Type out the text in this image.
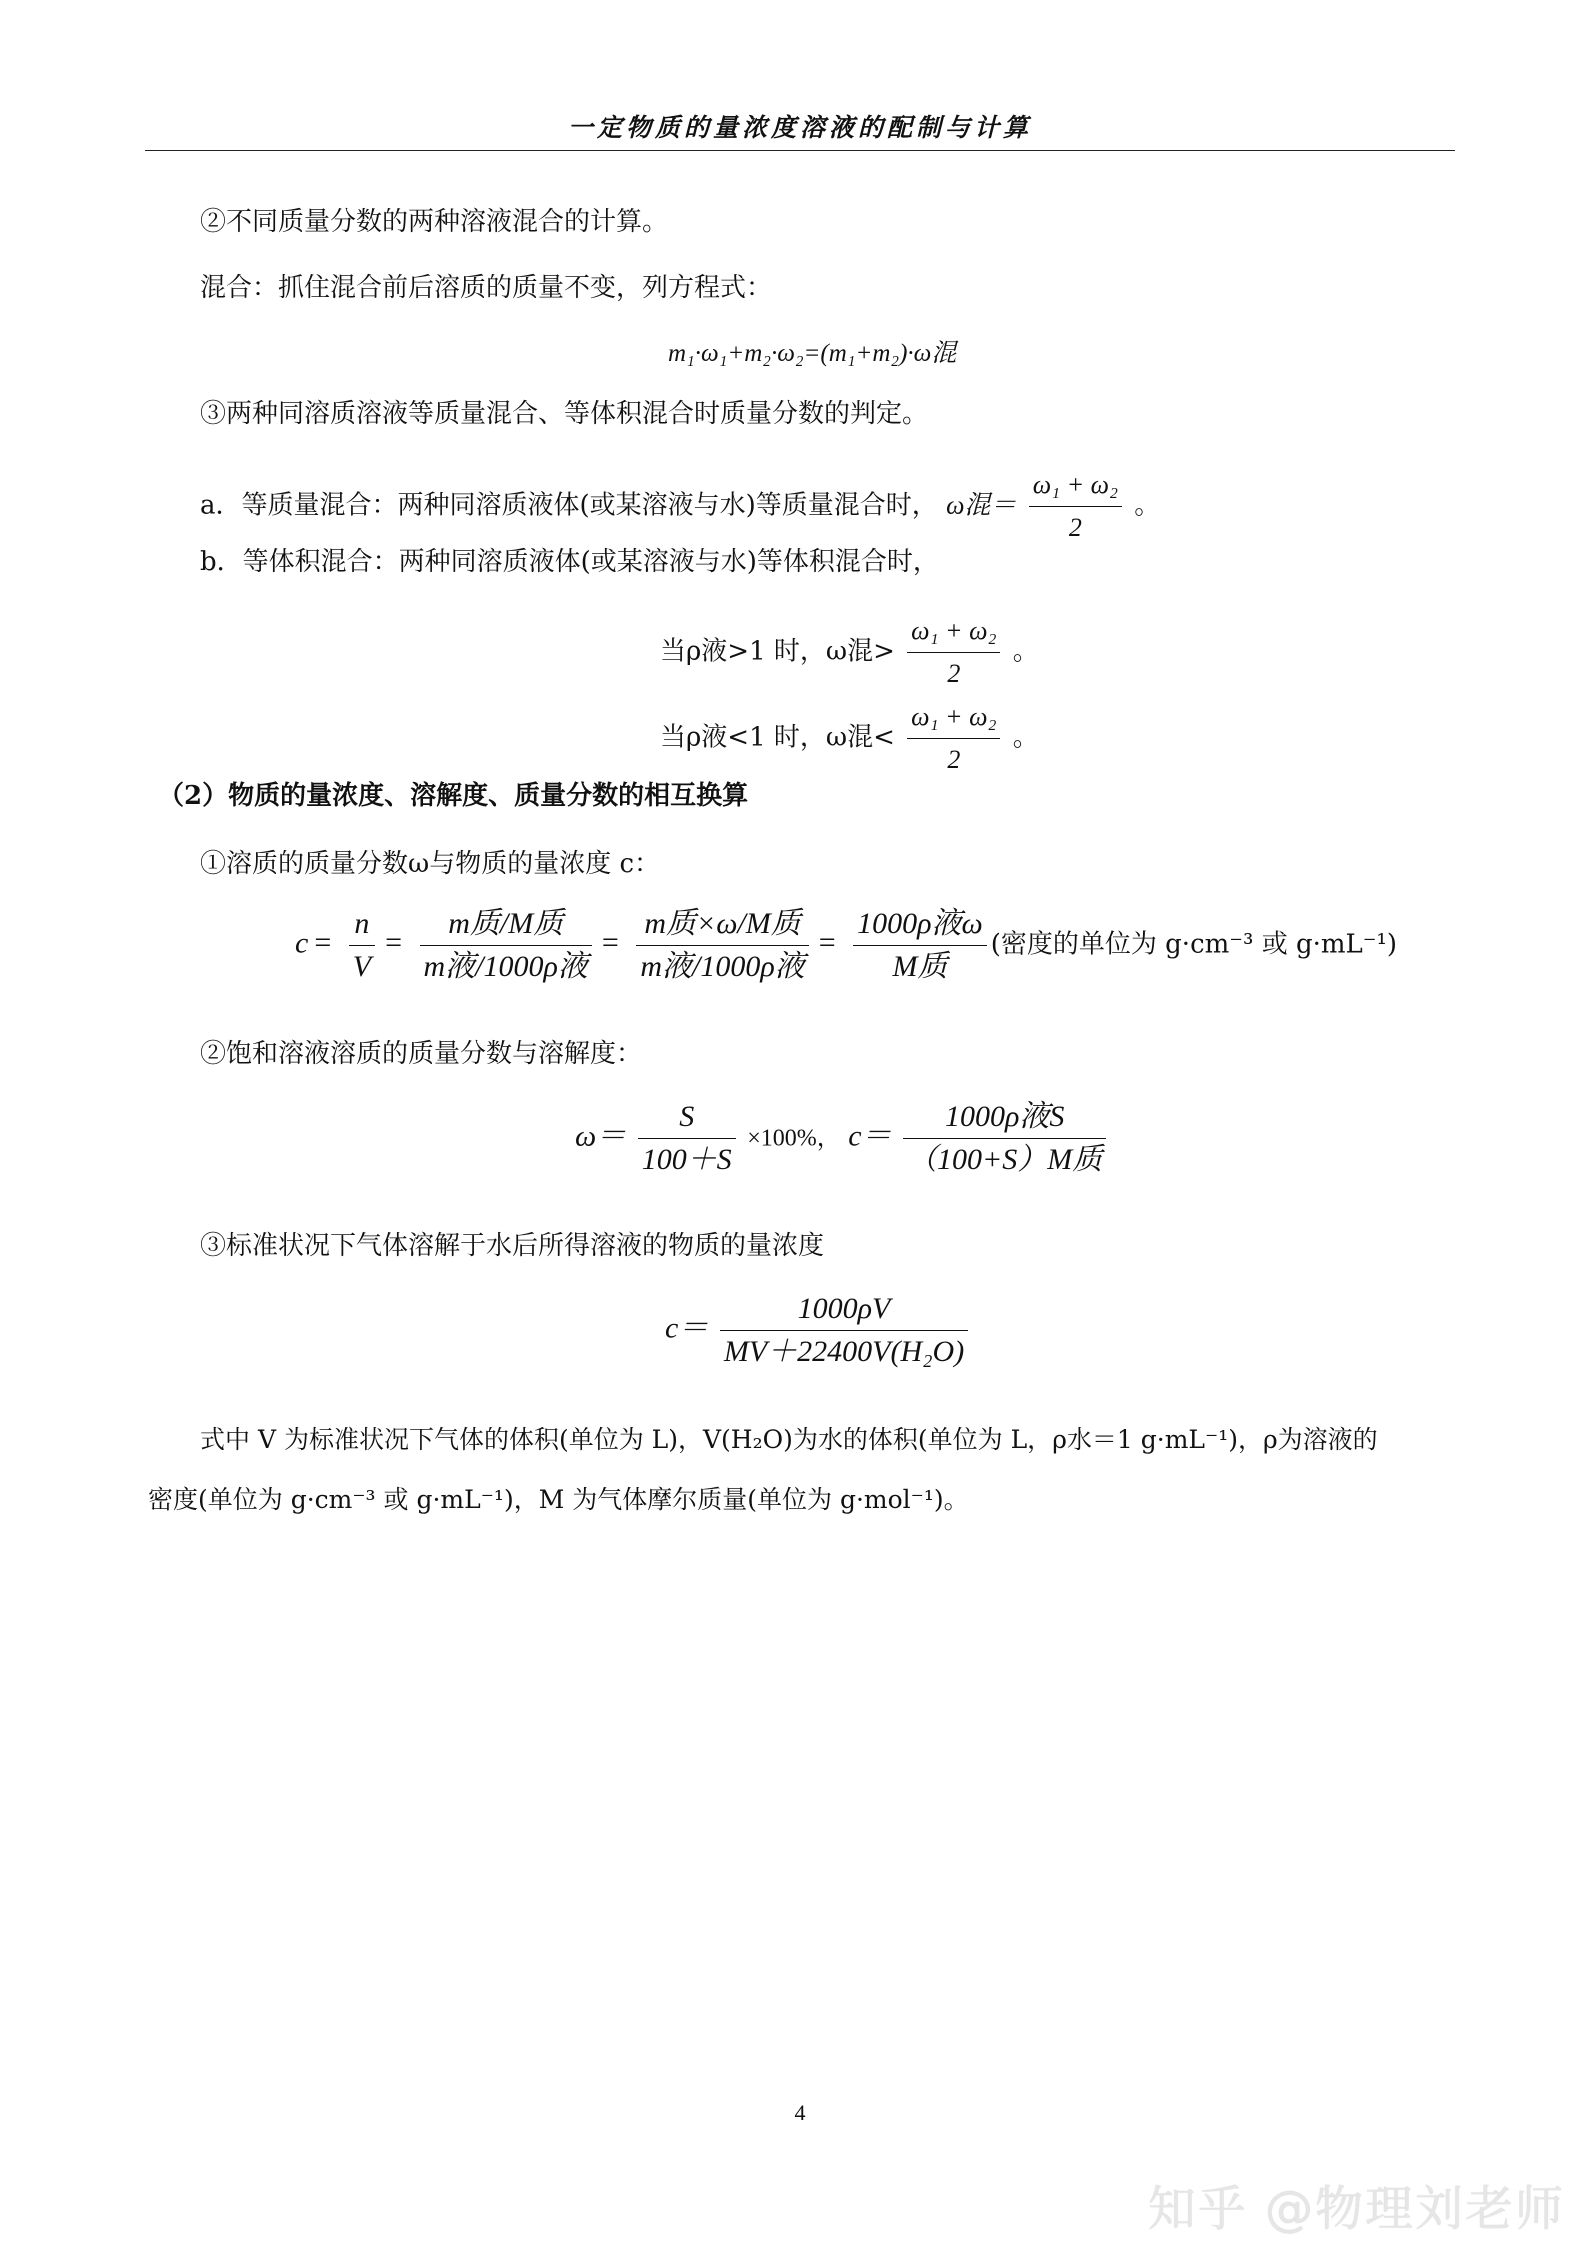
一定物质的量浓度溶液的配制与计算
②不同质量分数的两种溶液混合的计算。
混合：抓住混合前后溶质的质量不变，列方程式：
m₁·ω₁+m₂·ω₂=(m₁+m₂)·ω混
③两种同溶质溶液等质量混合、等体积混合时质量分数的判定。
a．等质量混合：两种同溶质液体(或某溶液与水)等质量混合时， ω混＝ $\frac{\text{ω₁ + ω₂}}{2}$ 。
b．等体积混合：两种同溶质液体(或某溶液与水)等体积混合时，
当ρ液>1 时，ω混> $\frac{\text{ω₁ + ω₂}}{2}$ 。
当ρ液<1 时，ω混< $\frac{\text{ω₁ + ω₂}}{2}$ 。
（2）物质的量浓度、溶解度、质量分数的相互换算
①溶质的质量分数ω与物质的量浓度 c：
$c = \frac{n}{V} = \frac{\text{m质/M质}}{\text{m液/1000ρ液}} = \frac{\text{m质×ω/M质}}{\text{m液/1000ρ液}} = \frac{\text{1000ρ液ω}}{\text{M质}}$ (密度的单位为 g·cm⁻³ 或 g·mL⁻¹)
②饱和溶液溶质的质量分数与溶解度：
$\omega= \frac{S}{100+S} \times 100\%$， $c= \frac{\text{1000ρ液S}}{\text{（100+S）M质}}$
③标准状况下气体溶解于水后所得溶液的物质的量浓度
$c= \frac{1000\rho V}{\text{MV＋22400V(H₂O)}}$
式中 V 为标准状况下气体的体积(单位为 L)，V(H₂O)为水的体积(单位为 L，ρ水＝1 g·mL⁻¹)，ρ为溶液的
密度(单位为 g·cm⁻³ 或 g·mL⁻¹)，M 为气体摩尔质量(单位为 g·mol⁻¹)。
4
知乎 @物理刘老师
